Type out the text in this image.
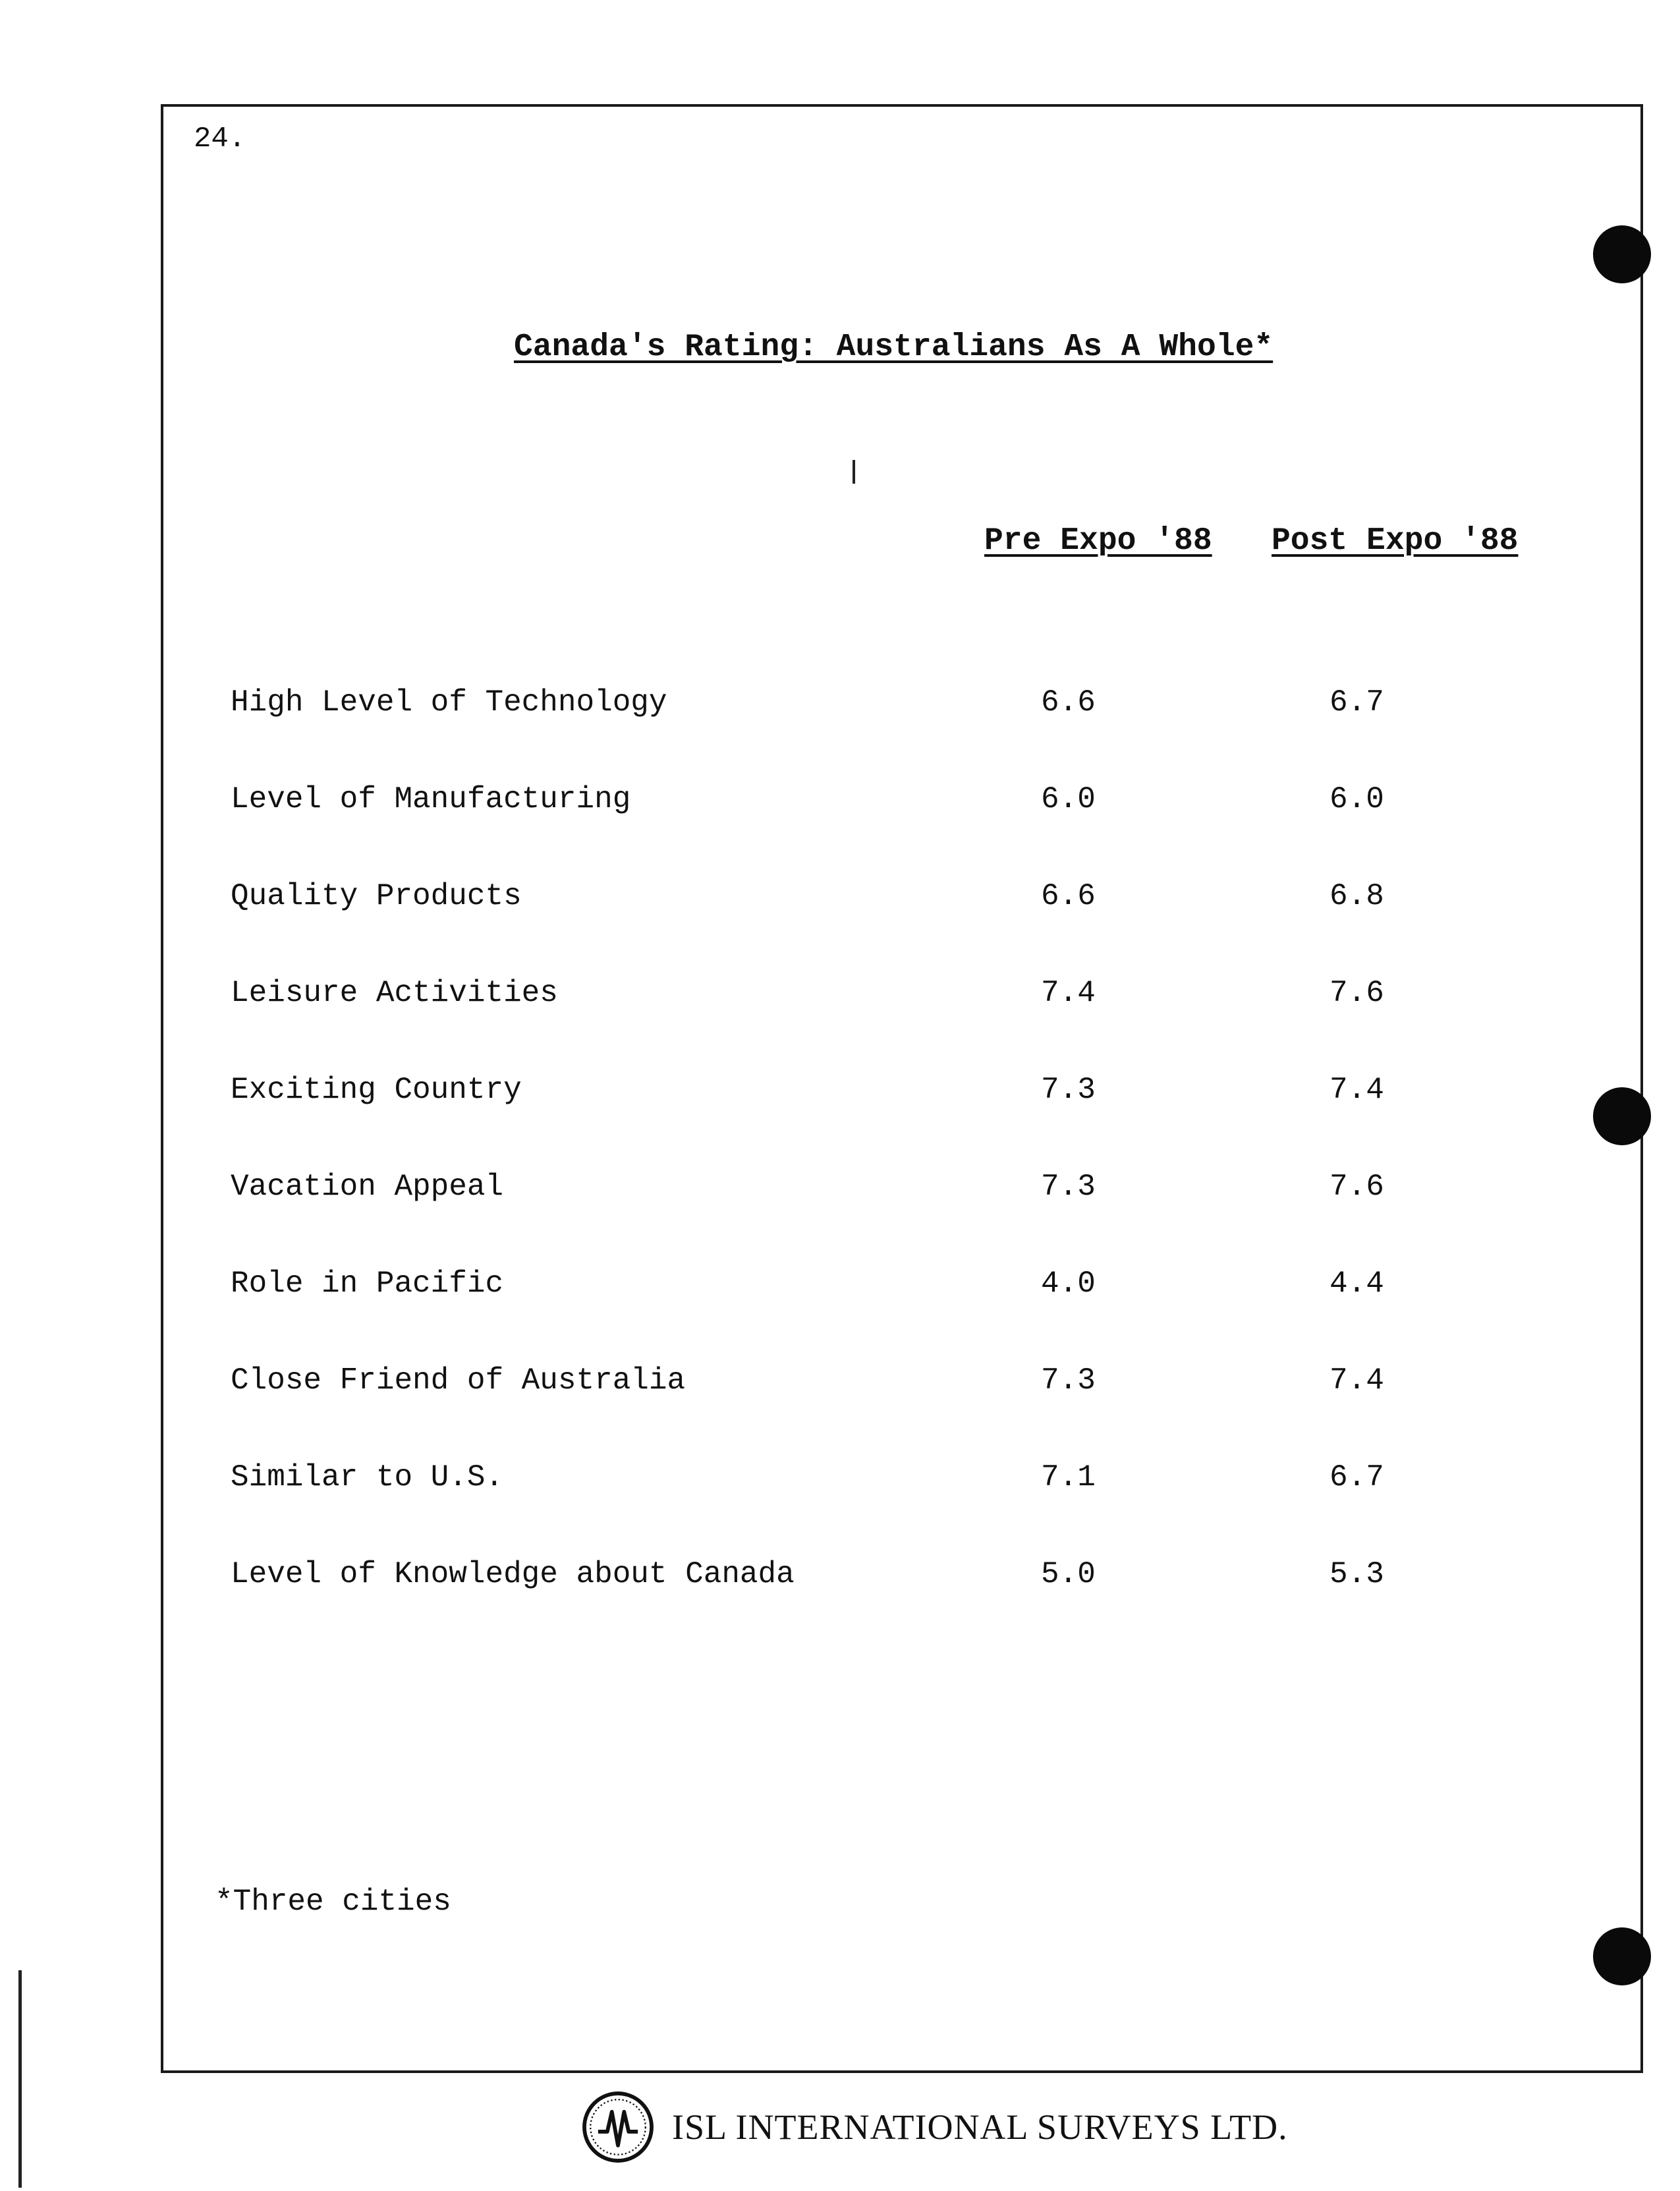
24.
Canada's Rating: Australians As A Whole*
Pre Expo '88 Post Expo '88
High Level of Technology	6.6	6.7
Level of Manufacturing	6.0	6.0
Quality Products	6.6	6.8
Leisure Activities	7.4	7.6
Exciting Country	7.3	7.4
Vacation Appeal	7.3	7.6
Role in Pacific	4.0	4.4
Close Friend of Australia	7.3	7.4
Similar to U.S.	7.1	6.7
Level of Knowledge about Canada	5.0	5.3
*Three cities
ISL INTERNATIONAL SURVEYS LTD.
